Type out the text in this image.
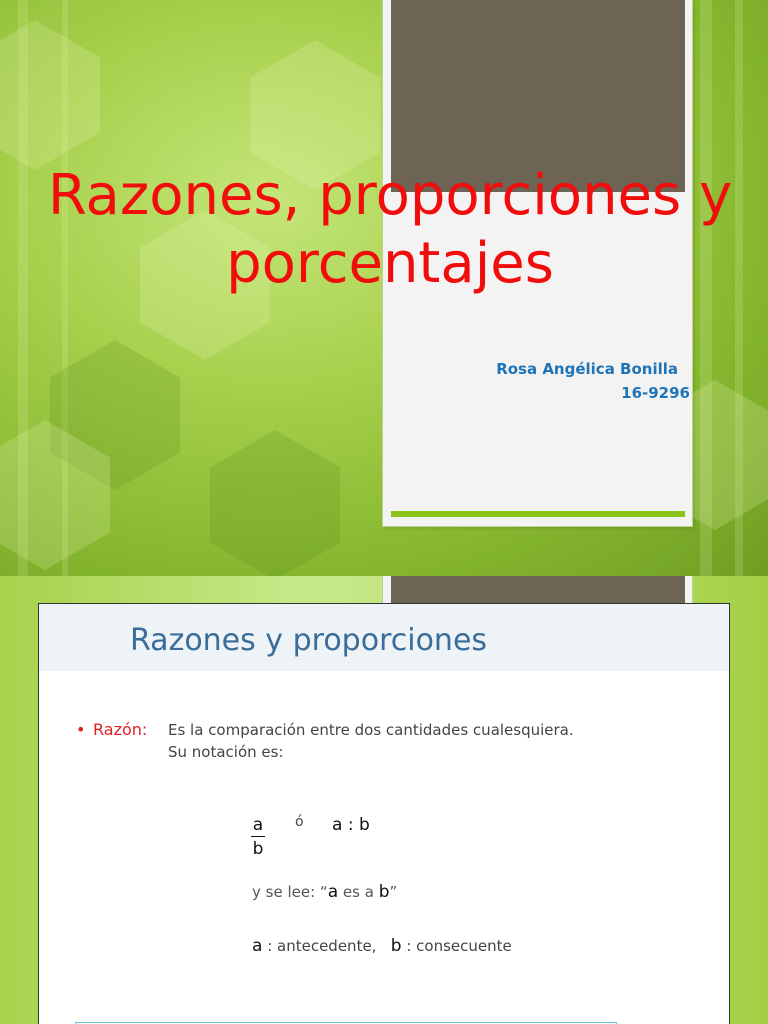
Razones, proporciones y porcentajes
Rosa Angélica Bonilla
16-9296
Razones y proporciones
• Razón: Es la comparación entre dos cantidades cualesquiera.
Su notación es:
$\frac{a}{b}$ ó a : b
y se lee: “a es a b”
a : antecedente, b : consecuente
